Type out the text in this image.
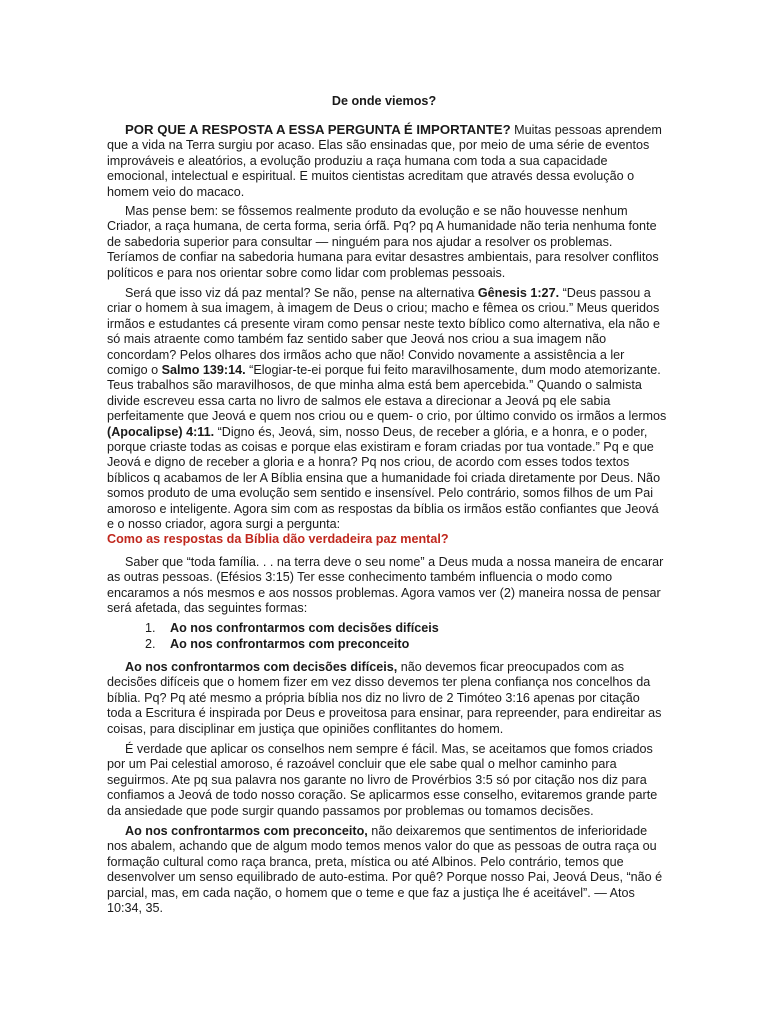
De onde viemos?

POR QUE A RESPOSTA A ESSA PERGUNTA É IMPORTANTE? Muitas pessoas aprendem que a vida na Terra surgiu por acaso. Elas são ensinadas que, por meio de uma série de eventos improváveis e aleatórios, a evolução produziu a raça humana com toda a sua capacidade emocional, intelectual e espiritual. E muitos cientistas acreditam que através dessa evolução o homem veio do macaco.

Mas pense bem: se fôssemos realmente produto da evolução e se não houvesse nenhum Criador, a raça humana, de certa forma, seria órfã. Pq? pq A humanidade não teria nenhuma fonte de sabedoria superior para consultar — ninguém para nos ajudar a resolver os problemas. Teríamos de confiar na sabedoria humana para evitar desastres ambientais, para resolver conflitos políticos e para nos orientar sobre como lidar com problemas pessoais.

Será que isso viz dá paz mental? Se não, pense na alternativa Gênesis 1:27. “Deus passou a criar o homem à sua imagem, à imagem de Deus o criou; macho e fêmea os criou.” Meus queridos irmãos e estudantes cá presente viram como pensar neste texto bíblico como alternativa, ela não e só mais atraente como também faz sentido saber que Jeová nos criou a sua imagem não concordam? Pelos olhares dos irmãos acho que não! Convido novamente a assistência a ler comigo o Salmo 139:14. “Elogiar-te-ei porque fui feito maravilhosamente, dum modo atemorizante. Teus trabalhos são maravilhosos, de que minha alma está bem apercebida.” Quando o salmista divide escreveu essa carta no livro de salmos ele estava a direcionar a Jeová pq ele sabia perfeitamente que Jeová e quem nos criou ou e quem- o crio, por último convido os irmãos a lermos (Apocalipse) 4:11. “Digno és, Jeová, sim, nosso Deus, de receber a glória, e a honra, e o poder, porque criaste todas as coisas e porque elas existiram e foram criadas por tua vontade.” Pq e que Jeová e digno de receber a gloria e a honra? Pq nos criou, de acordo com esses todos textos bíblicos q acabamos de ler A Bíblia ensina que a humanidade foi criada diretamente por Deus. Não somos produto de uma evolução sem sentido e insensível. Pelo contrário, somos filhos de um Pai amoroso e inteligente. Agora sim com as respostas da bíblia os irmãos estão confiantes que Jeová e o nosso criador, agora surgi a pergunta:

Como as respostas da Bíblia dão verdadeira paz mental?

Saber que “toda família. . . na terra deve o seu nome” a Deus muda a nossa maneira de encarar as outras pessoas. (Efésios 3:15) Ter esse conhecimento também influencia o modo como encaramos a nós mesmos e aos nossos problemas. Agora vamos ver (2) maneira nossa de pensar será afetada, das seguintes formas:

1. Ao nos confrontarmos com decisões difíceis
2. Ao nos confrontarmos com preconceito

Ao nos confrontarmos com decisões difíceis, não devemos ficar preocupados com as decisões difíceis que o homem fizer em vez disso devemos ter plena confiança nos concelhos da bíblia. Pq? Pq até mesmo a própria bíblia nos diz no livro de 2 Timóteo 3:16 apenas por citação toda a Escritura é inspirada por Deus e proveitosa para ensinar, para repreender, para endireitar as coisas, para disciplinar em justiça que opiniões conflitantes do homem.

É verdade que aplicar os conselhos nem sempre é fácil. Mas, se aceitamos que fomos criados por um Pai celestial amoroso, é razoável concluir que ele sabe qual o melhor caminho para seguirmos. Ate pq sua palavra nos garante no livro de Provérbios 3:5 só por citação nos diz para confiamos a Jeová de todo nosso coração. Se aplicarmos esse conselho, evitaremos grande parte da ansiedade que pode surgir quando passamos por problemas ou tomamos decisões.

Ao nos confrontarmos com preconceito, não deixaremos que sentimentos de inferioridade nos abalem, achando que de algum modo temos menos valor do que as pessoas de outra raça ou formação cultural como raça branca, preta, mística ou até Albinos. Pelo contrário, temos que desenvolver um senso equilibrado de auto-estima. Por quê? Porque nosso Pai, Jeová Deus, “não é parcial, mas, em cada nação, o homem que o teme e que faz a justiça lhe é aceitável”. — Atos 10:34, 35.
